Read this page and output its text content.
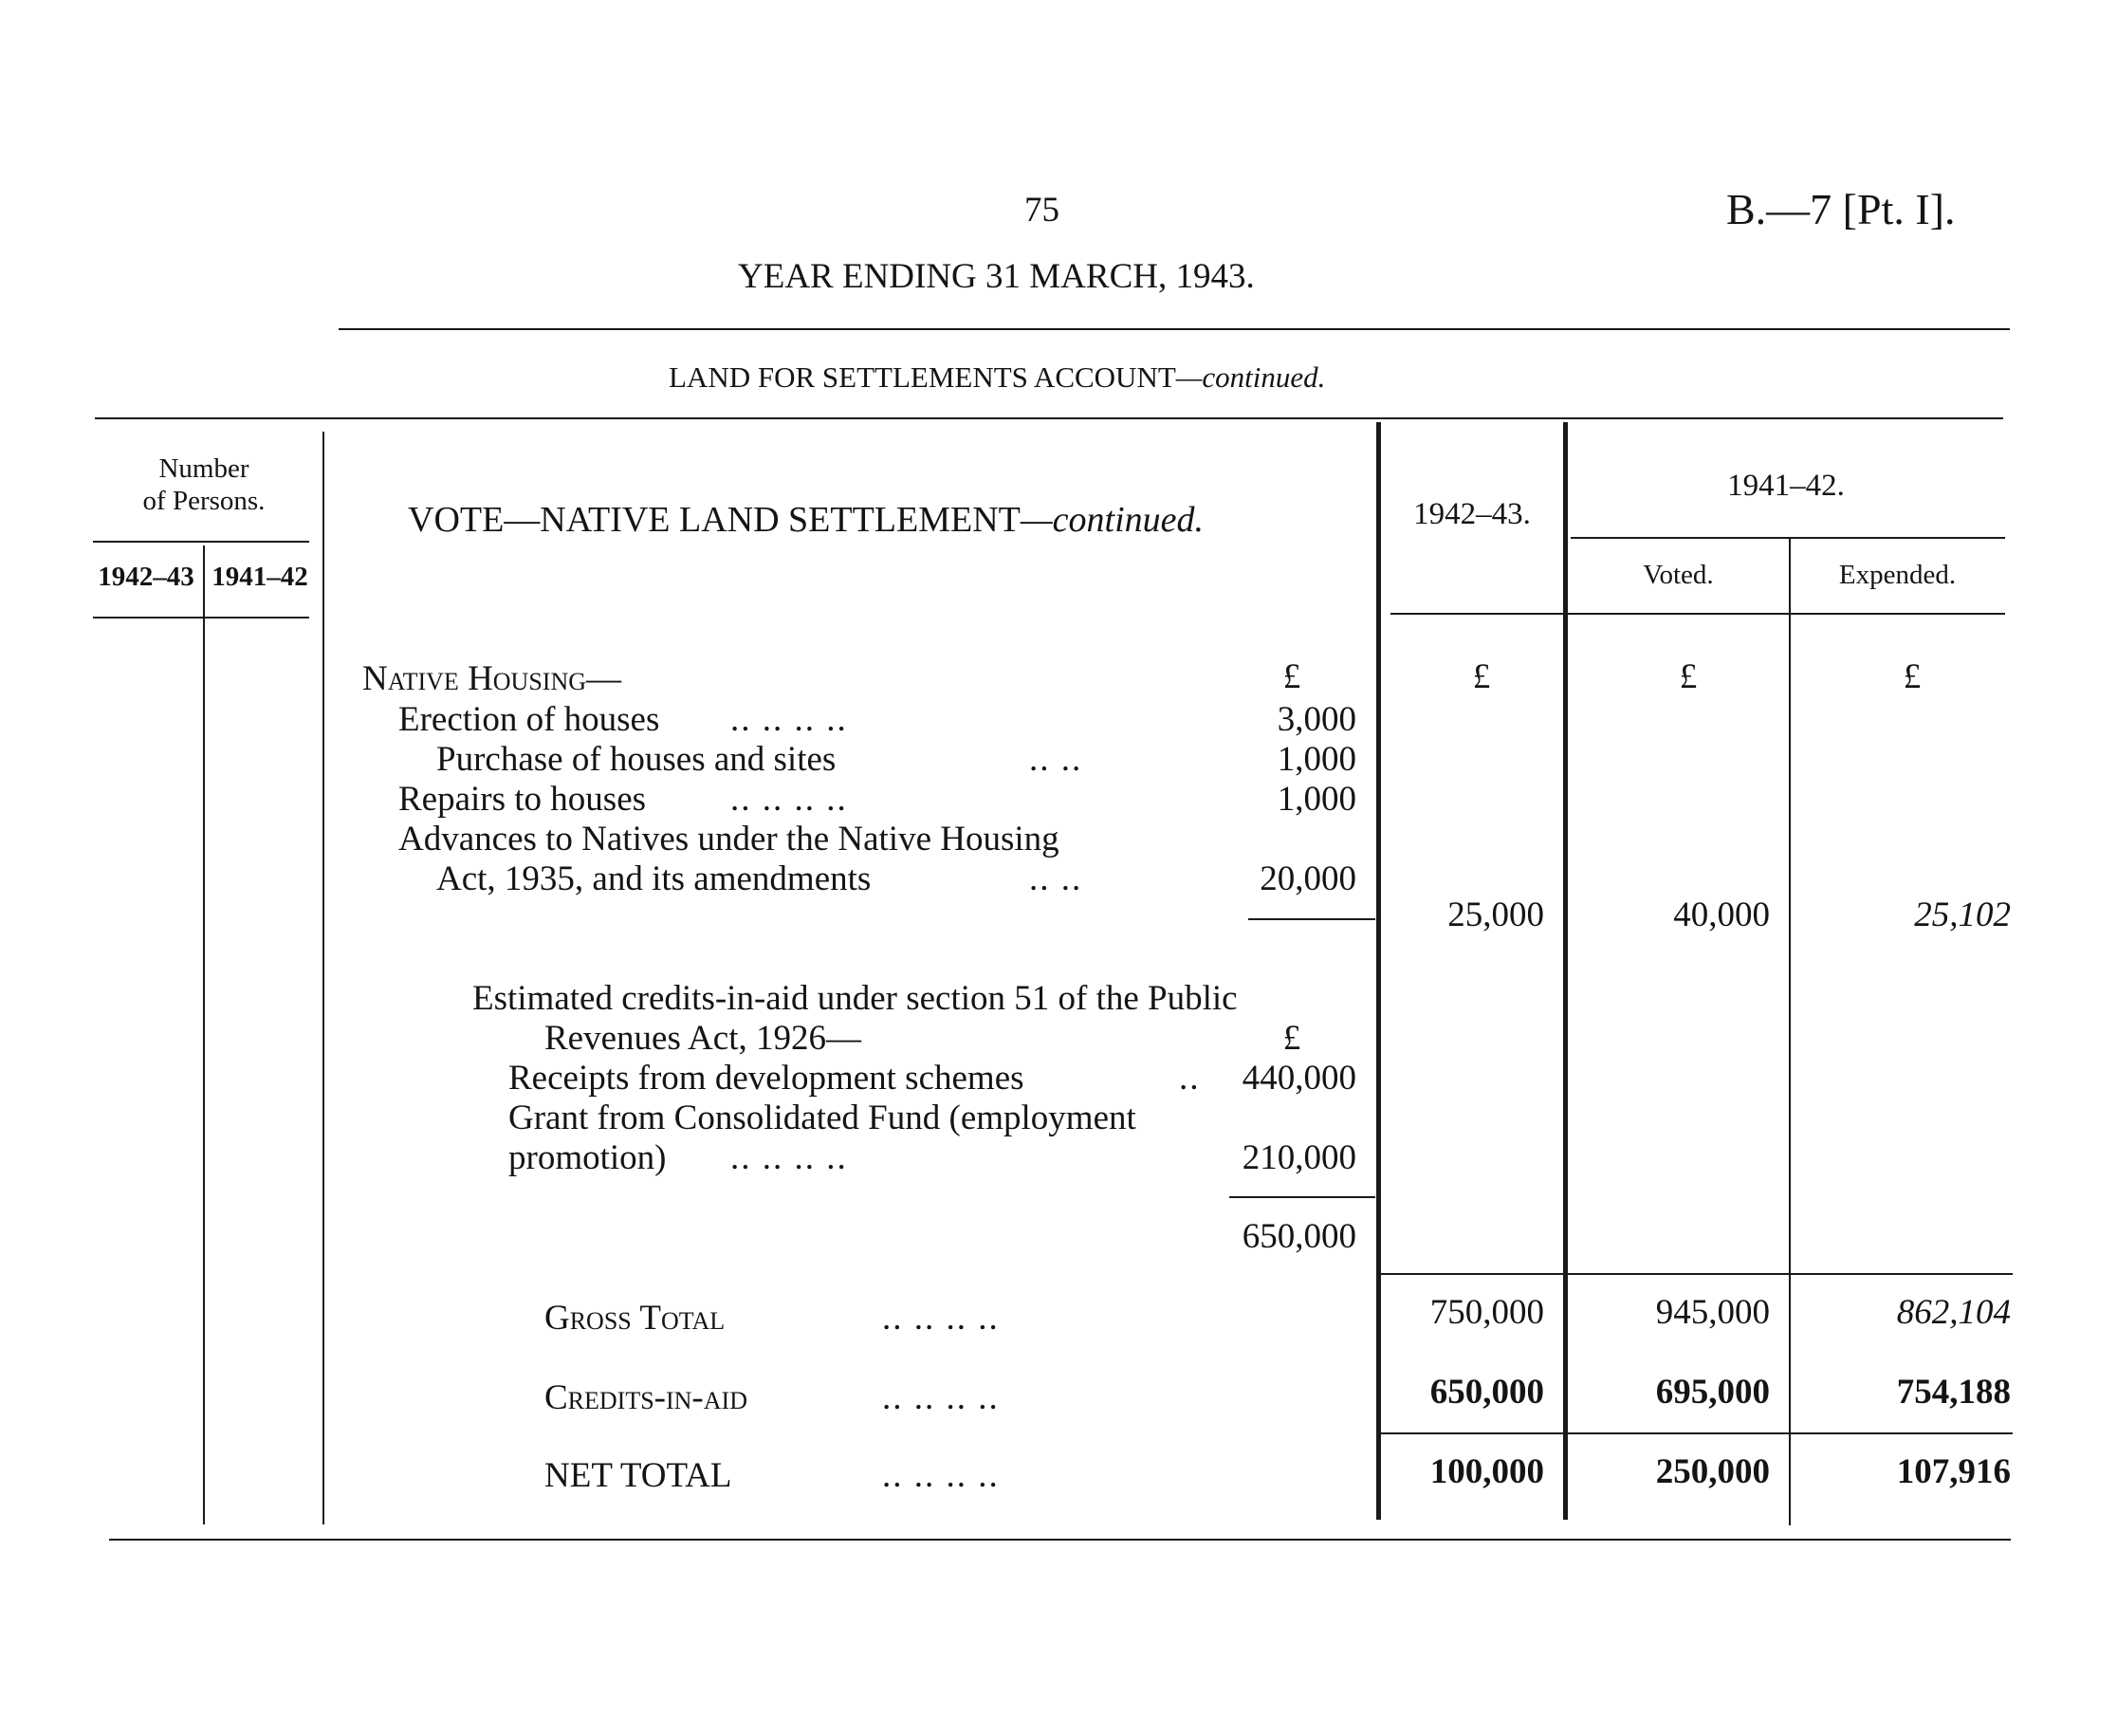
75	B.—7 [Pt. I].
YEAR ENDING 31 MARCH, 1943.
LAND FOR SETTLEMENTS ACCOUNT—continued.
Number
of Persons.
1942–43 1941–42
VOTE—NATIVE LAND SETTLEMENT—continued.	1942–43.
1941–42.
Voted.	Expended.
£	£	£	£
Native Housing—
Erection of houses .. .. .. ..	3,000
Purchase of houses and sites	.. ..	1,000
Repairs to houses .. .. .. ..	1,000
Advances to Natives under the Native Housing
Act, 1935, and its amendments	.. ..	20,000
25,000	40,000	25,102
Estimated credits-in-aid under section 51 of the Public
Revenues Act, 1926—	£
Receipts from development schemes	..	440,000
Grant from Consolidated Fund (employment
promotion) .. .. .. ..	210,000
650,000
Gross Total	.. .. .. ..	750,000	945,000	862,104
Credits-in-aid	.. .. .. ..	650,000	695,000	754,188
NET TOTAL	.. .. .. ..	100,000	250,000	107,916
